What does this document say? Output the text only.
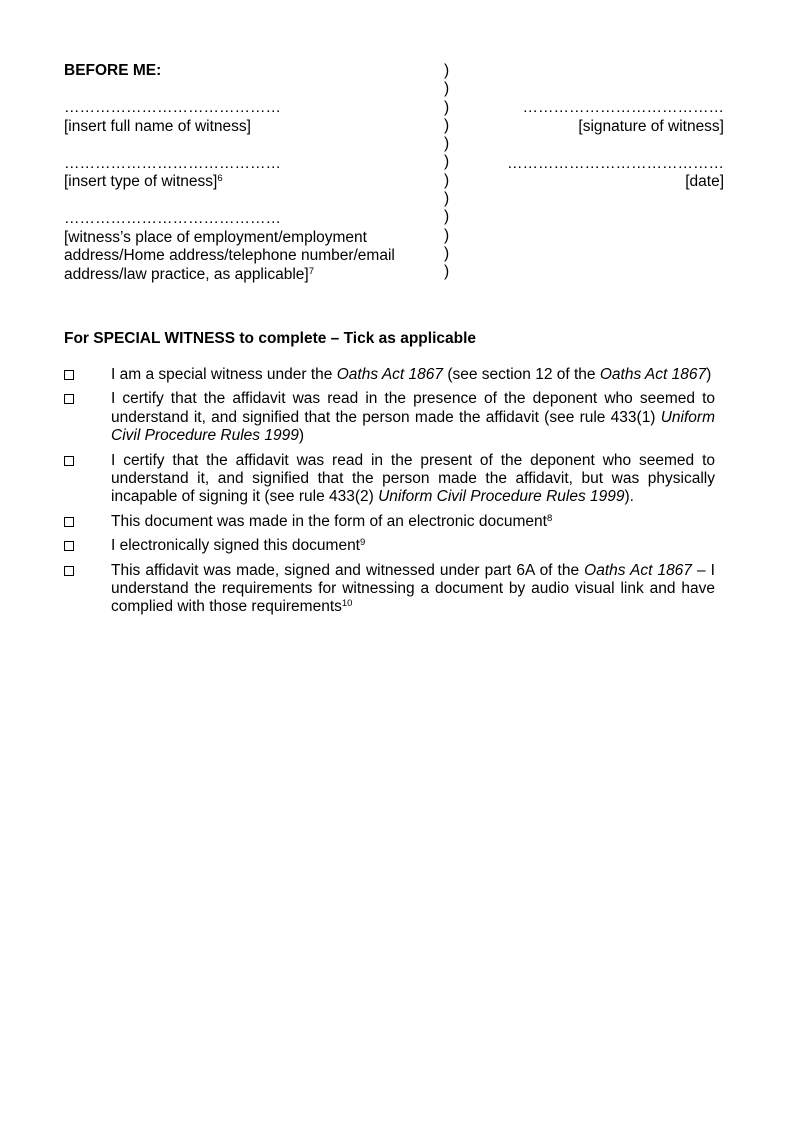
BEFORE ME:
……………………………………
[insert full name of witness]
……………………………………
[insert type of witness]$^6$
……………………………………
[witness’s place of employment/employment
address/Home address/telephone number/email
address/law practice, as applicable]$^7$
)
)
)
)
)
)
)
)
)
)
)
)
…………………………………
[signature of witness]
……………………………………
[date]
For SPECIAL WITNESS to complete – Tick as applicable
I am a special witness under the Oaths Act 1867 (see section 12 of the Oaths Act 1867)
I certify that the affidavit was read in the presence of the deponent who seemed to understand it, and signified that the person made the affidavit (see rule 433(1) Uniform Civil Procedure Rules 1999)
I certify that the affidavit was read in the present of the deponent who seemed to understand it, and signified that the person made the affidavit, but was physically incapable of signing it (see rule 433(2) Uniform Civil Procedure Rules 1999).
This document was made in the form of an electronic document$^8$
I electronically signed this document$^9$
This affidavit was made, signed and witnessed under part 6A of the Oaths Act 1867 – I understand the requirements for witnessing a document by audio visual link and have complied with those requirements$^{10}$
